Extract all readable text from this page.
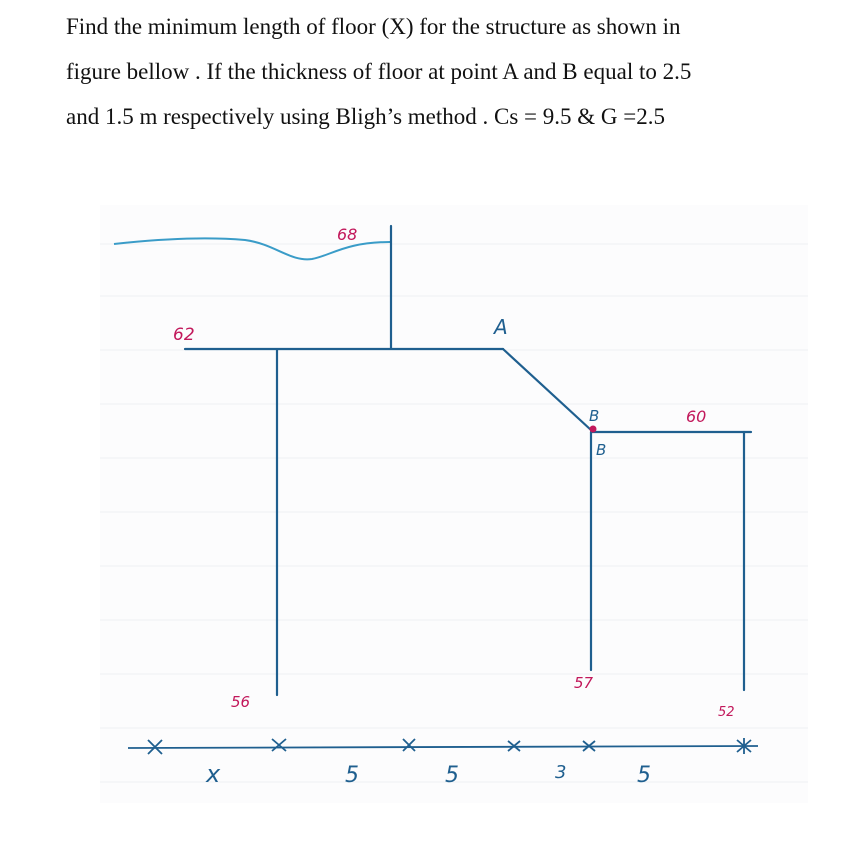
Find the minimum length of floor (X) for the structure as shown in

figure bellow . If the thickness of floor at point A and B equal to 2.5

and 1.5 m respectively using Bligh’s method . Cs = 9.5 & G =2.5

68
62
60
56
57
52
A
B
B
x	5	5	3	5
